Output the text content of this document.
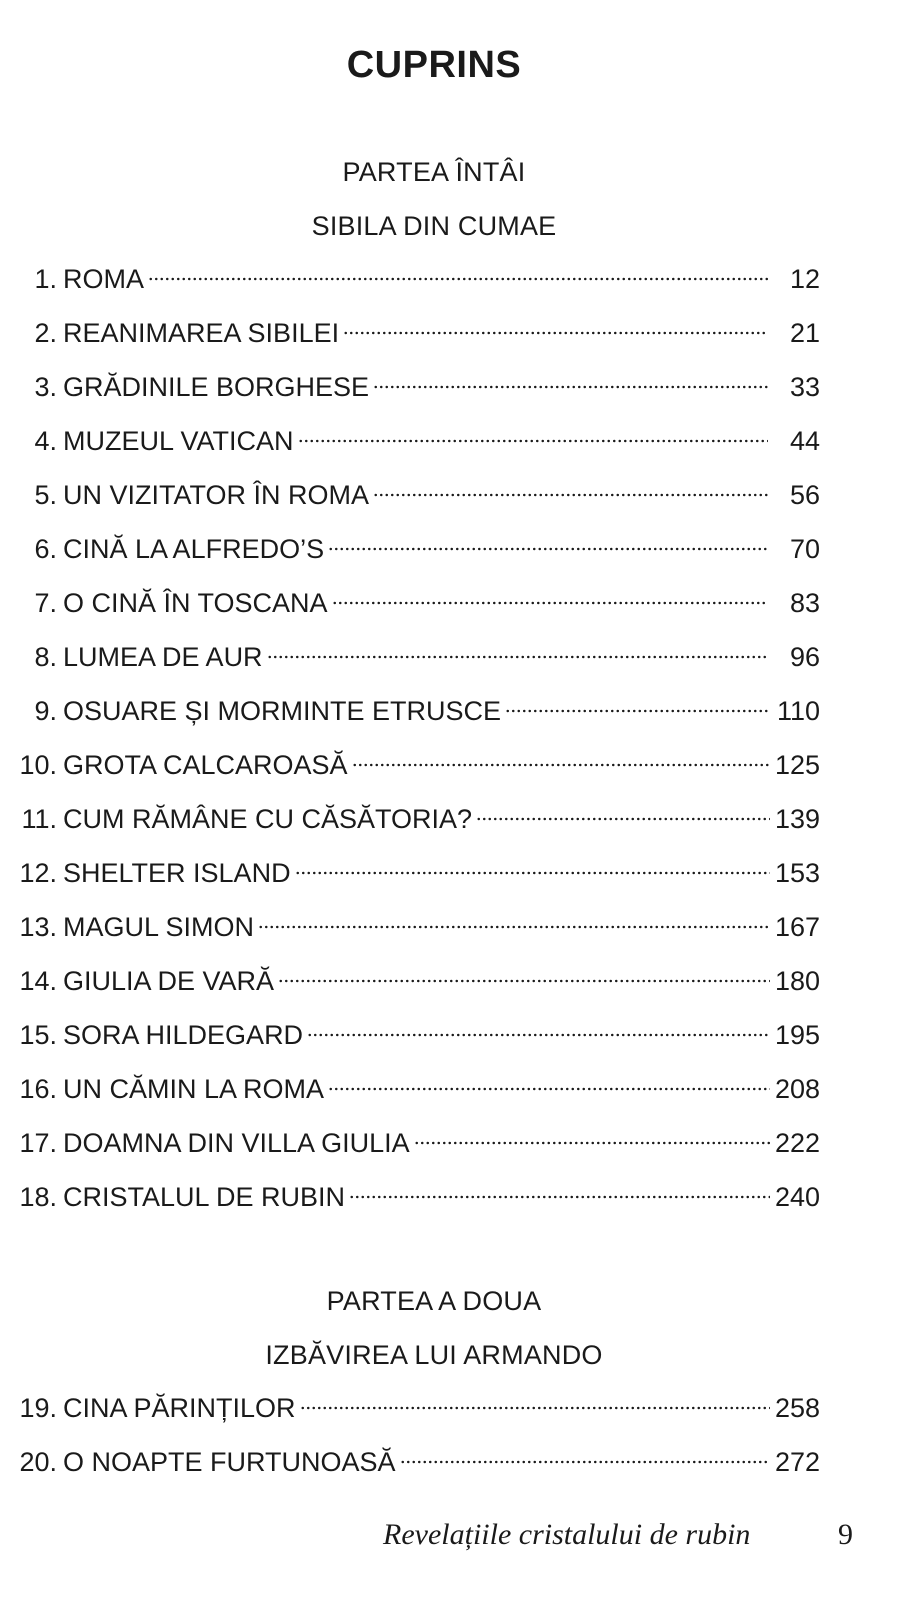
CUPRINS
PARTEA ÎNTÂI
SIBILA DIN CUMAE
1. ROMA	12
2. REANIMAREA SIBILEI	21
3. GRĂDINILE BORGHESE	33
4. MUZEUL VATICAN	44
5. UN VIZITATOR ÎN ROMA	56
6. CINĂ LA ALFREDO’S	70
7. O CINĂ ÎN TOSCANA	83
8. LUMEA DE AUR	96
9. OSUARE ȘI MORMINTE ETRUSCE	110
10. GROTA CALCAROASĂ	125
11. CUM RĂMÂNE CU CĂSĂTORIA?	139
12. SHELTER ISLAND	153
13. MAGUL SIMON	167
14. GIULIA DE VARĂ	180
15. SORA HILDEGARD	195
16. UN CĂMIN LA ROMA	208
17. DOAMNA DIN VILLA GIULIA	222
18. CRISTALUL DE RUBIN	240
PARTEA A DOUA
IZBĂVIREA LUI ARMANDO
19. CINA PĂRINȚILOR	258
20. O NOAPTE FURTUNOASĂ	272
Revelațiile cristalului de rubin	9
